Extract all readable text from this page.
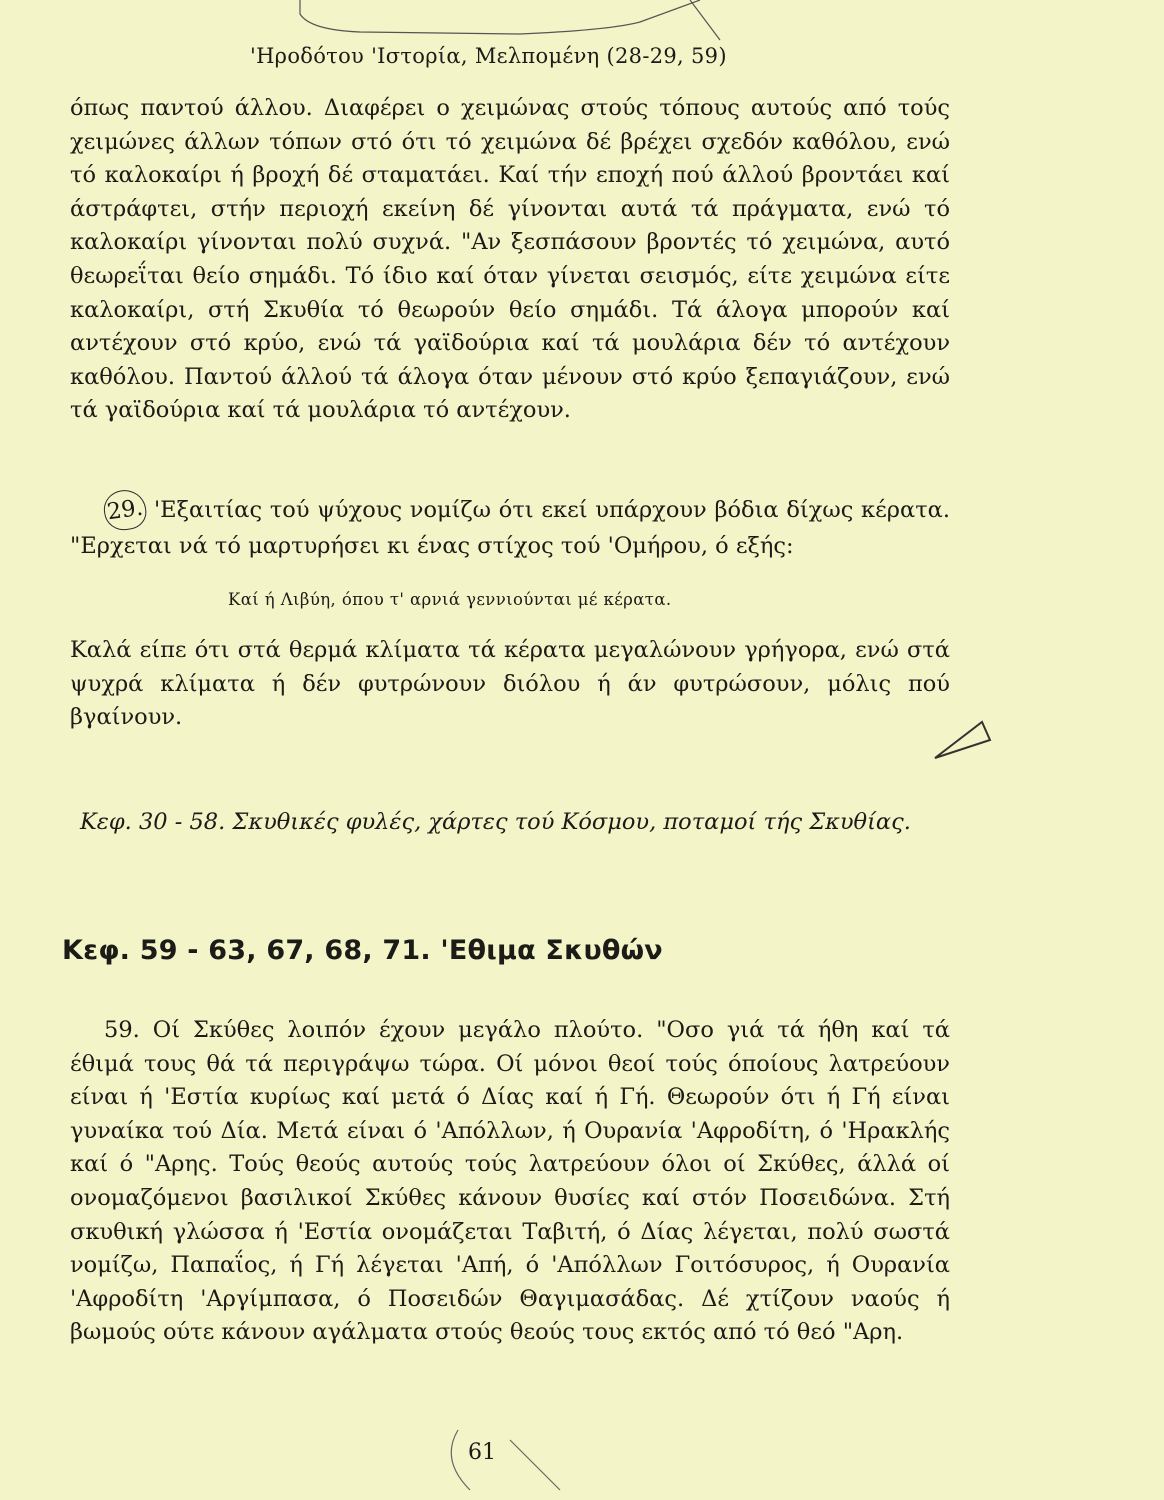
'Ηροδότου 'Ιστορία, Μελπομένη (28-29, 59)

όπως παντού άλλου. Διαφέρει ο χειμώνας στούς τόπους αυτούς από τούς χειμώνες άλλων τόπων στό ότι τό χειμώνα δέ βρέχει σχεδόν καθόλου, ενώ τό καλοκαίρι ή βροχή δέ σταματάει. Καί τήν εποχή πού άλλού βροντάει καί άστράφτει, στήν περιοχή εκείνη δέ γίνονται αυτά τά πράγματα, ενώ τό καλοκαίρι γίνονται πολύ συχνά. "Αν ξεσπάσουν βροντές τό χειμώνα, αυτό θεωρεΐται θείο σημάδι. Τό ίδιο καί όταν γίνεται σεισμός, είτε χειμώνα είτε καλοκαίρι, στή Σκυθία τό θεωρούν θείο σημάδι. Τά άλογα μπορούν καί αντέχουν στό κρύο, ενώ τά γαϊδούρια καί τά μουλάρια δέν τό αντέχουν καθόλου. Παντού άλλού τά άλογα όταν μένουν στό κρύο ξεπαγιάζουν, ενώ τά γαϊδούρια καί τά μουλάρια τό αντέχουν.

29. 'Εξαιτίας τού ψύχους νομίζω ότι εκεί υπάρχουν βόδια δίχως κέρατα. "Ερχεται νά τό μαρτυρήσει κι ένας στίχος τού 'Ομήρου, ό εξής:

Καί ή Λιβύη, όπου τ' αρνιά γεννιούνται μέ κέρατα.

Καλά είπε ότι στά θερμά κλίματα τά κέρατα μεγαλώνουν γρήγορα, ενώ στά ψυχρά κλίματα ή δέν φυτρώνουν διόλου ή άν φυτρώσουν, μόλις πού βγαίνουν.

Κεφ. 30 - 58. Σκυθικές φυλές, χάρτες τού Κόσμου, ποταμοί τής Σκυθίας.

Κεφ. 59 - 63, 67, 68, 71. 'Εθιμα Σκυθών

59. Οί Σκύθες λοιπόν έχουν μεγάλο πλούτο. "Οσο γιά τά ήθη καί τά έθιμά τους θά τά περιγράψω τώρα. Οί μόνοι θεοί τούς όποίους λατρεύουν είναι ή 'Εστία κυρίως καί μετά ό Δίας καί ή Γή. Θεωρούν ότι ή Γή είναι γυναίκα τού Δία. Μετά είναι ό 'Απόλλων, ή Ουρανία 'Αφροδίτη, ό 'Ηρακλής καί ό "Αρης. Τούς θεούς αυτούς τούς λατρεύουν όλοι οί Σκύθες, άλλά οί ονομαζόμενοι βασιλικοί Σκύθες κάνουν θυσίες καί στόν Ποσειδώνα. Στή σκυθική γλώσσα ή 'Εστία ονομάζεται Ταβιτή, ό Δίας λέγεται, πολύ σωστά νομίζω, Παπαΐος, ή Γή λέγεται 'Απή, ό 'Απόλλων Γοιτόσυρος, ή Ουρανία 'Αφροδίτη 'Αργίμπασα, ό Ποσειδών Θαγιμασάδας. Δέ χτίζουν ναούς ή βωμούς ούτε κάνουν αγάλματα στούς θεούς τους εκτός από τό θεό "Αρη.

61
